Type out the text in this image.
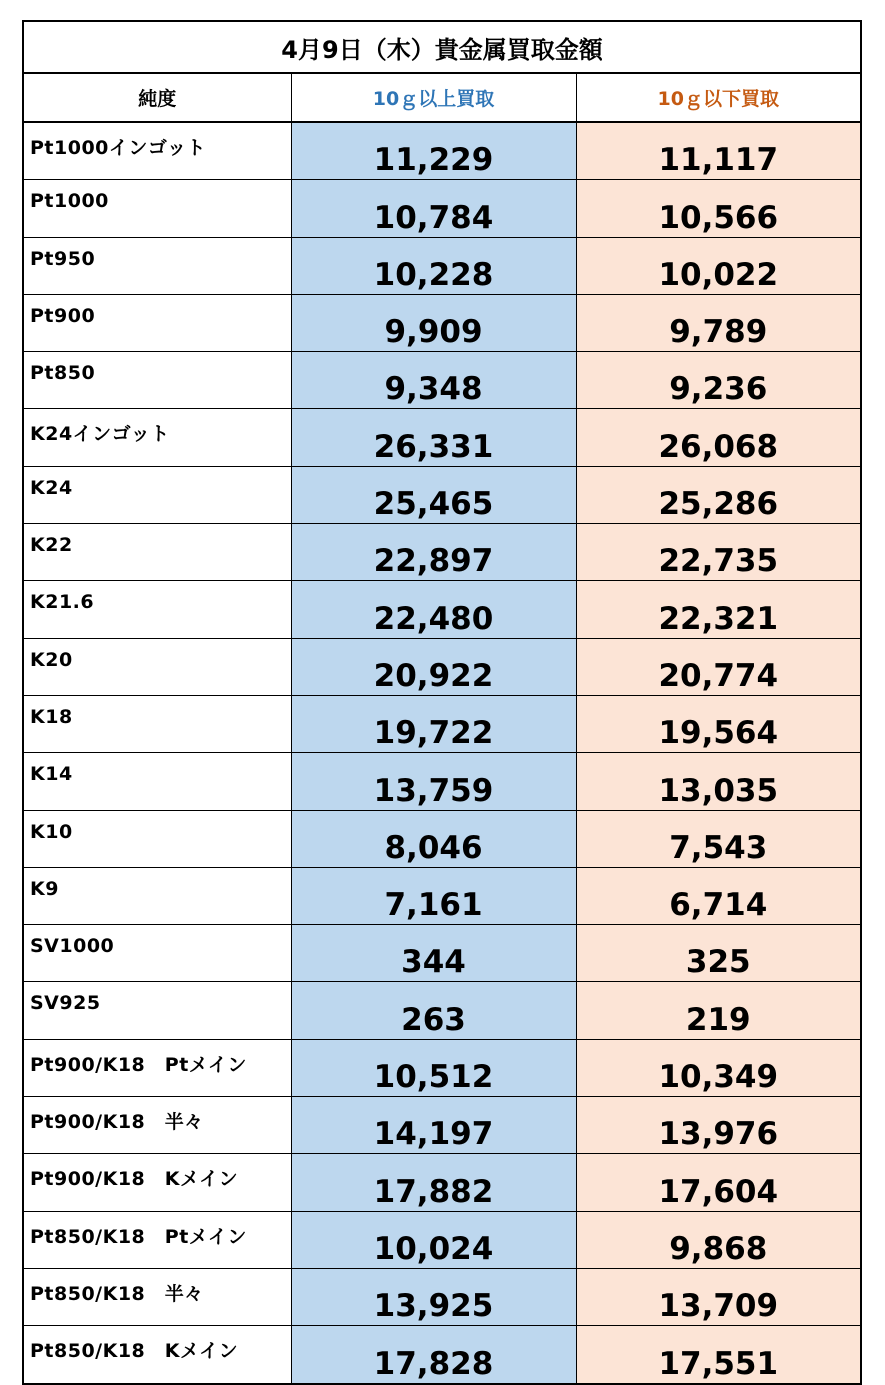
4月9日（木）貴金属買取金額		
純度	10ｇ以上買取	10ｇ以下買取
Pt1000インゴット	11,229	11,117
Pt1000	10,784	10,566
Pt950	10,228	10,022
Pt900	9,909	9,789
Pt850	9,348	9,236
K24インゴット	26,331	26,068
K24	25,465	25,286
K22	22,897	22,735
K21.6	22,480	22,321
K20	20,922	20,774
K18	19,722	19,564
K14	13,759	13,035
K10	8,046	7,543
K9	7,161	6,714
SV1000	344	325
SV925	263	219
Pt900/K18　Ptメイン	10,512	10,349
Pt900/K18　半々	14,197	13,976
Pt900/K18　Kメイン	17,882	17,604
Pt850/K18　Ptメイン	10,024	9,868
Pt850/K18　半々	13,925	13,709
Pt850/K18　Kメイン	17,828	17,551
